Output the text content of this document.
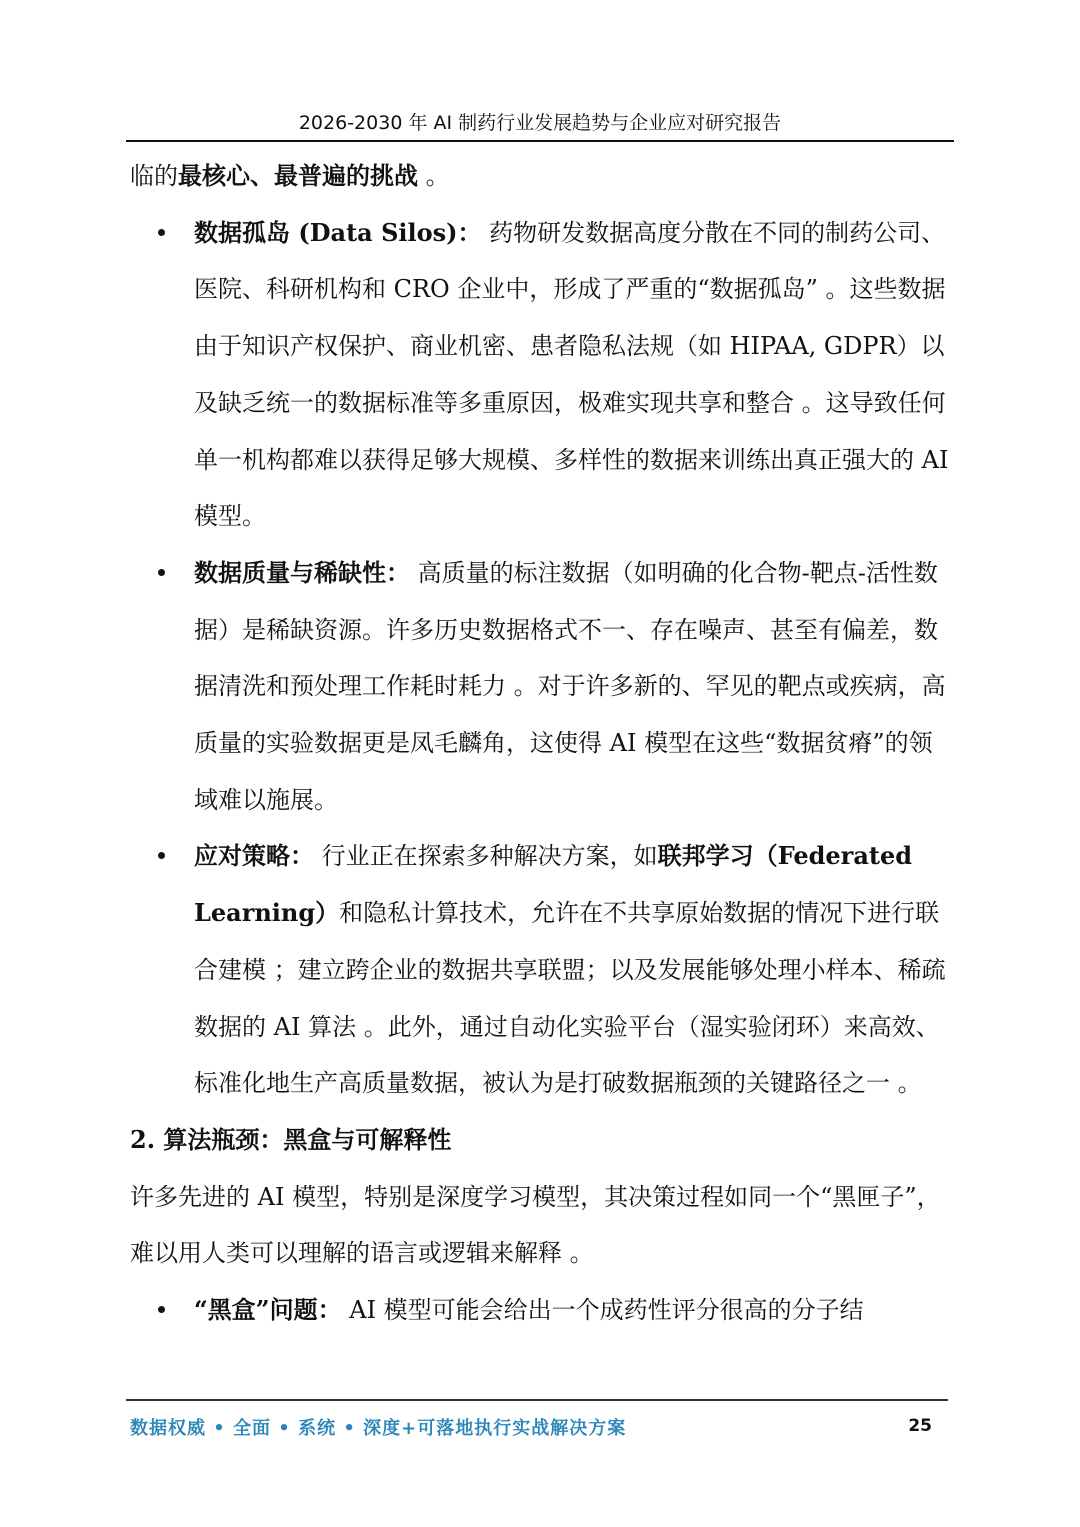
2026-2030 年 AI 制药行业发展趋势与企业应对研究报告

临的最核心、最普遍的挑战 。

数据孤岛 (Data Silos)： 药物研发数据高度分散在不同的制药公司、医院、科研机构和 CRO 企业中，形成了严重的“数据孤岛” 。这些数据由于知识产权保护、商业机密、患者隐私法规（如 HIPAA, GDPR）以及缺乏统一的数据标准等多重原因，极难实现共享和整合 。这导致任何单一机构都难以获得足够大规模、多样性的数据来训练出真正强大的 AI 模型。
数据质量与稀缺性： 高质量的标注数据（如明确的化合物-靶点-活性数据）是稀缺资源。许多历史数据格式不一、存在噪声、甚至有偏差，数据清洗和预处理工作耗时耗力 。对于许多新的、罕见的靶点或疾病，高质量的实验数据更是凤毛麟角，这使得 AI 模型在这些“数据贫瘠”的领域难以施展。
应对策略： 行业正在探索多种解决方案，如联邦学习（Federated Learning）和隐私计算技术，允许在不共享原始数据的情况下进行联合建模 ；建立跨企业的数据共享联盟；以及发展能够处理小样本、稀疏数据的 AI 算法 。此外，通过自动化实验平台（湿实验闭环）来高效、标准化地生产高质量数据，被认为是打破数据瓶颈的关键路径之一 。

2. 算法瓶颈：黑盒与可解释性

许多先进的 AI 模型，特别是深度学习模型，其决策过程如同一个“黑匣子”，难以用人类可以理解的语言或逻辑来解释 。

“黑盒”问题： AI 模型可能会给出一个成药性评分很高的分子结
数据权威 • 全面 • 系统 • 深度+可落地执行实战解决方案	25
